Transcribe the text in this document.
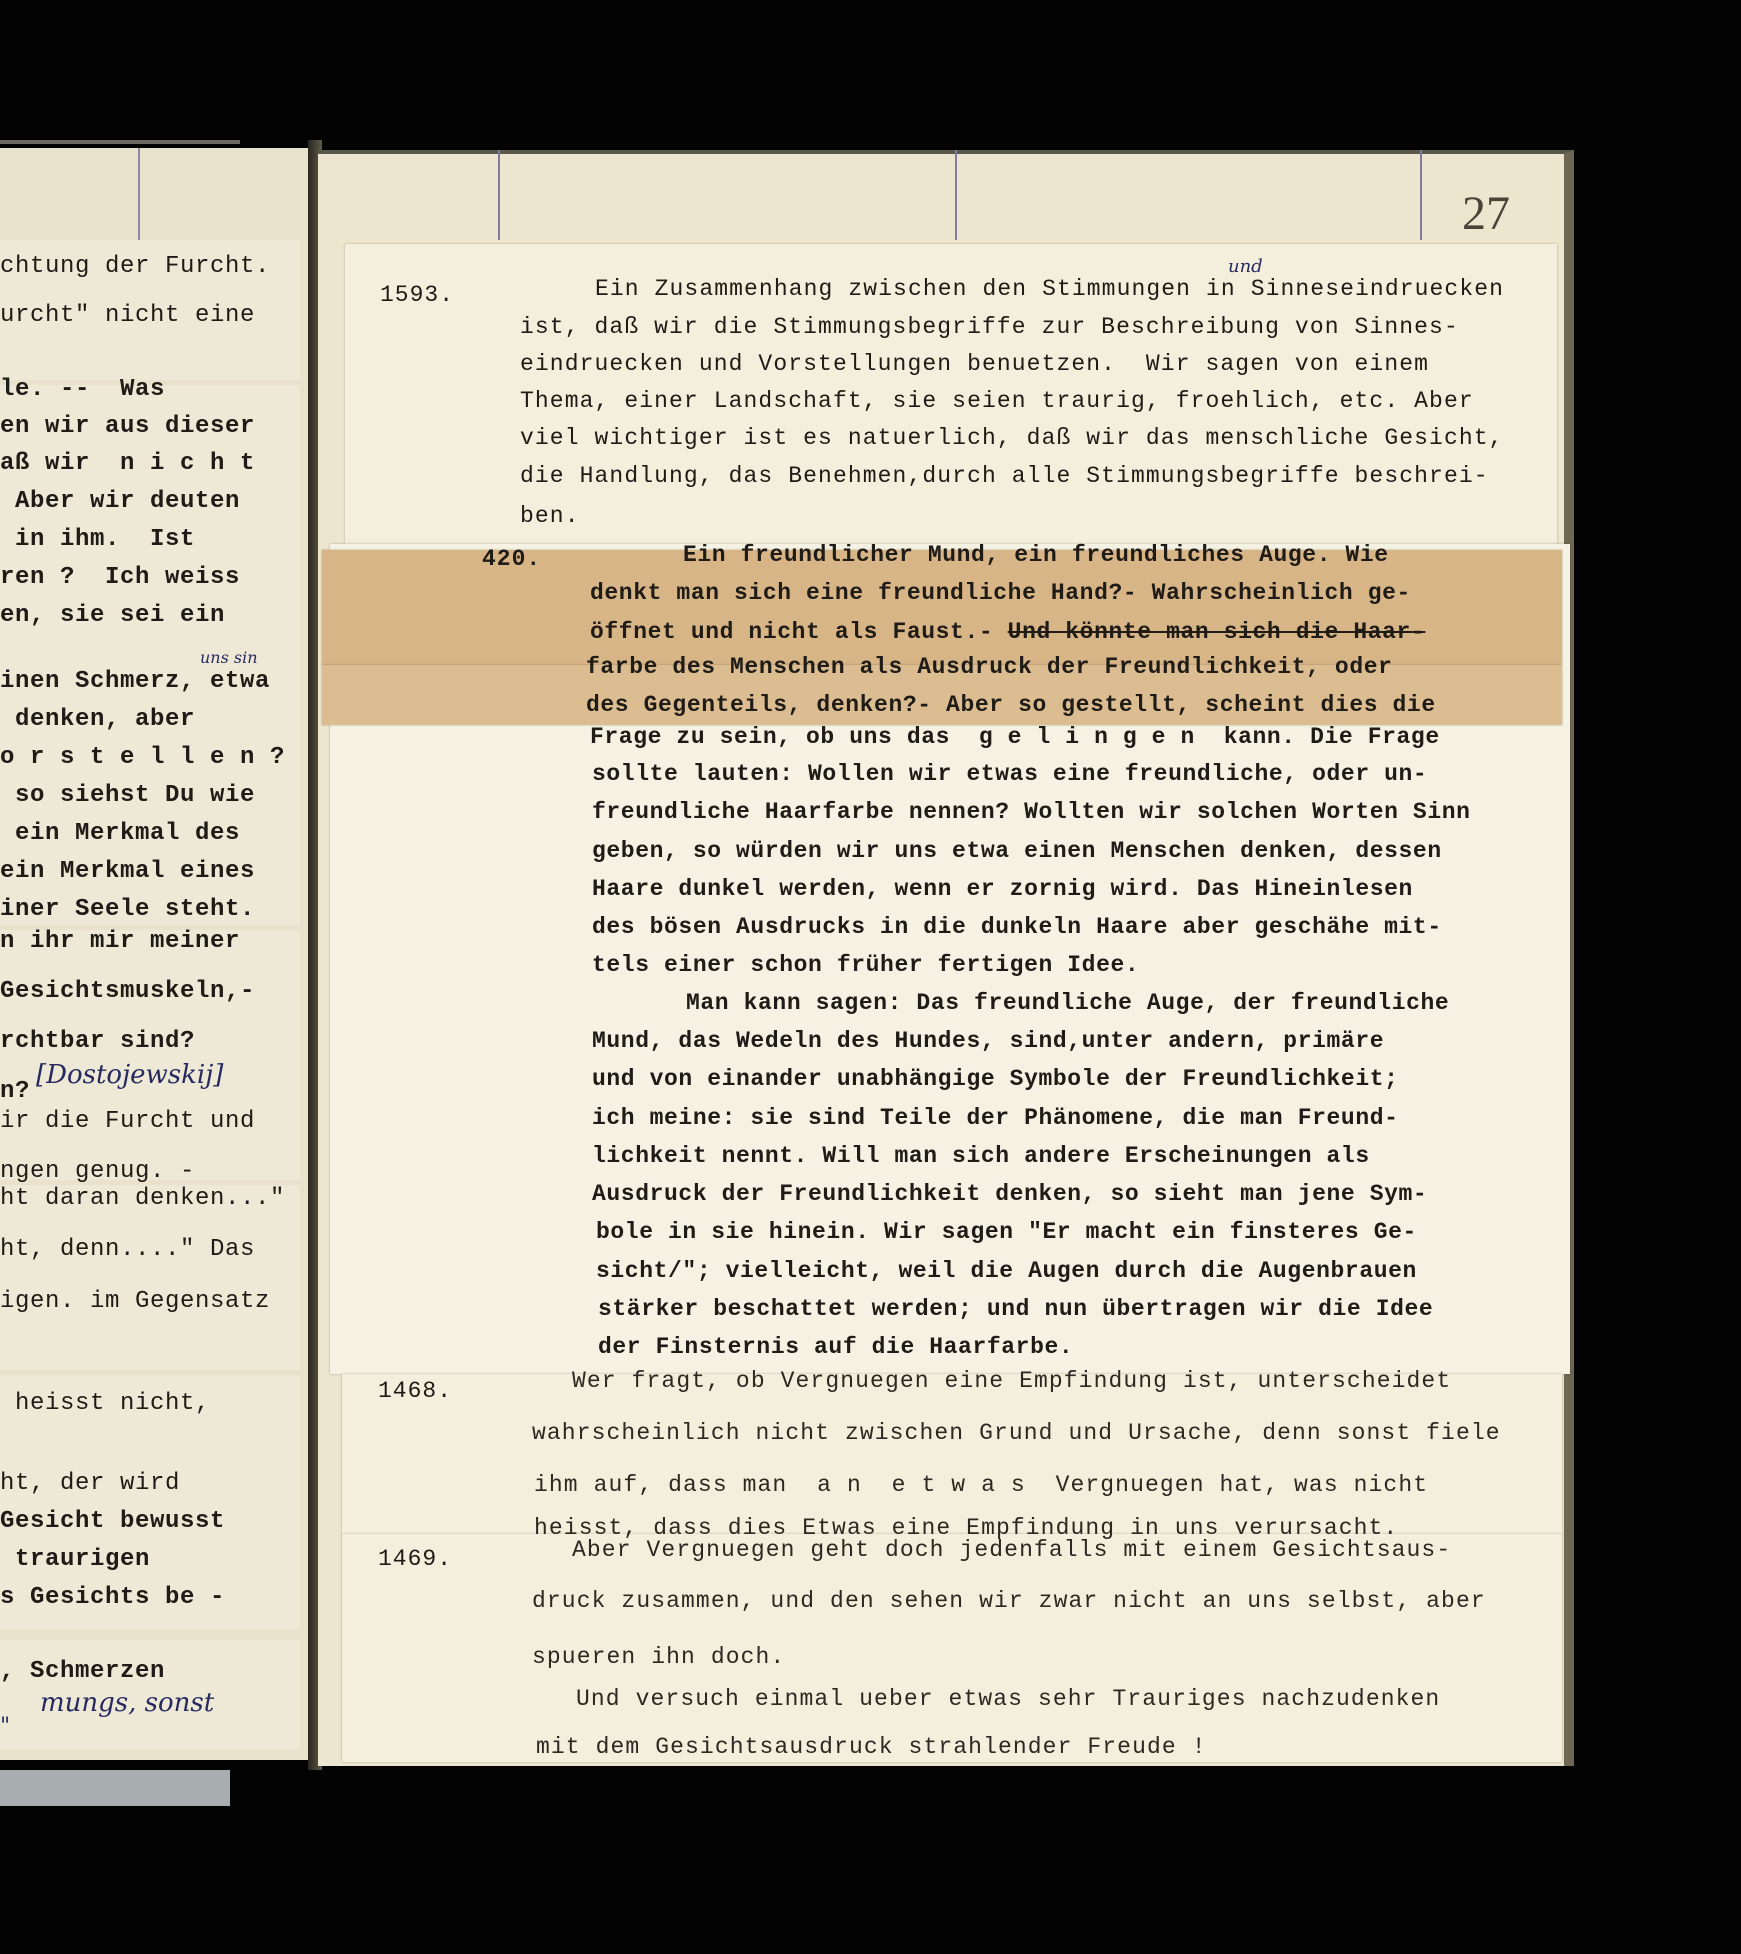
chtung der Furcht.
urcht" nicht eine
le. --  Was
en wir aus dieser
aß wir  n i c h t
Aber wir deuten
in ihm.  Ist
ren ?  Ich weiss
en, sie sei ein
inen Schmerz, etwa
denken, aber
o r s t e l l e n ?
so siehst Du wie
ein Merkmal des
ein Merkmal eines
iner Seele steht.
n ihr mir meiner
Gesichtsmuskeln,-
rchtbar sind?
n?
ir die Furcht und
ngen genug. -
ht daran denken..."
ht, denn...." Das
igen. im Gegensatz
heisst nicht,
ht, der wird
Gesicht bewusst
traurigen
s Gesichts be -
, Schmerzen
[Dostojewskij]
mungs, sonst
uns sin
"
27
1593.
und
Ein Zusammenhang zwischen den Stimmungen in Sinneseindruecken
ist, daß wir die Stimmungsbegriffe zur Beschreibung von Sinnes-
eindruecken und Vorstellungen benuetzen.  Wir sagen von einem
Thema, einer Landschaft, sie seien traurig, froehlich, etc. Aber
viel wichtiger ist es natuerlich, daß wir das menschliche Gesicht,
die Handlung, das Benehmen,durch alle Stimmungsbegriffe beschrei-
ben.
420.	Ein freundlicher Mund, ein freundliches Auge. Wie
denkt man sich eine freundliche Hand?- Wahrscheinlich ge-
öffnet und nicht als Faust.- Und könnte man sich die Haar-
farbe des Menschen als Ausdruck der Freundlichkeit, oder
des Gegenteils, denken?- Aber so gestellt, scheint dies die
Frage zu sein, ob uns das  g e l i n g e n  kann. Die Frage
sollte lauten: Wollen wir etwas eine freundliche, oder un-
freundliche Haarfarbe nennen? Wollten wir solchen Worten Sinn
geben, so würden wir uns etwa einen Menschen denken, dessen
Haare dunkel werden, wenn er zornig wird. Das Hineinlesen
des bösen Ausdrucks in die dunkeln Haare aber geschähe mit-
tels einer schon früher fertigen Idee.
Man kann sagen: Das freundliche Auge, der freundliche
Mund, das Wedeln des Hundes, sind,unter andern, primäre
und von einander unabhängige Symbole der Freundlichkeit;
ich meine: sie sind Teile der Phänomene, die man Freund-
lichkeit nennt. Will man sich andere Erscheinungen als
Ausdruck der Freundlichkeit denken, so sieht man jene Sym-
bole in sie hinein. Wir sagen "Er macht ein finsteres Ge-
sicht/"; vielleicht, weil die Augen durch die Augenbrauen
stärker beschattet werden; und nun übertragen wir die Idee
der Finsternis auf die Haarfarbe.
1468.	Wer fragt, ob Vergnuegen eine Empfindung ist, unterscheidet
wahrscheinlich nicht zwischen Grund und Ursache, denn sonst fiele
ihm auf, dass man  a n  e t w a s  Vergnuegen hat, was nicht
heisst, dass dies Etwas eine Empfindung in uns verursacht.
1469.	Aber Vergnuegen geht doch jedenfalls mit einem Gesichtsaus-
druck zusammen, und den sehen wir zwar nicht an uns selbst, aber
spueren ihn doch.
Und versuch einmal ueber etwas sehr Trauriges nachzudenken
mit dem Gesichtsausdruck strahlender Freude !
